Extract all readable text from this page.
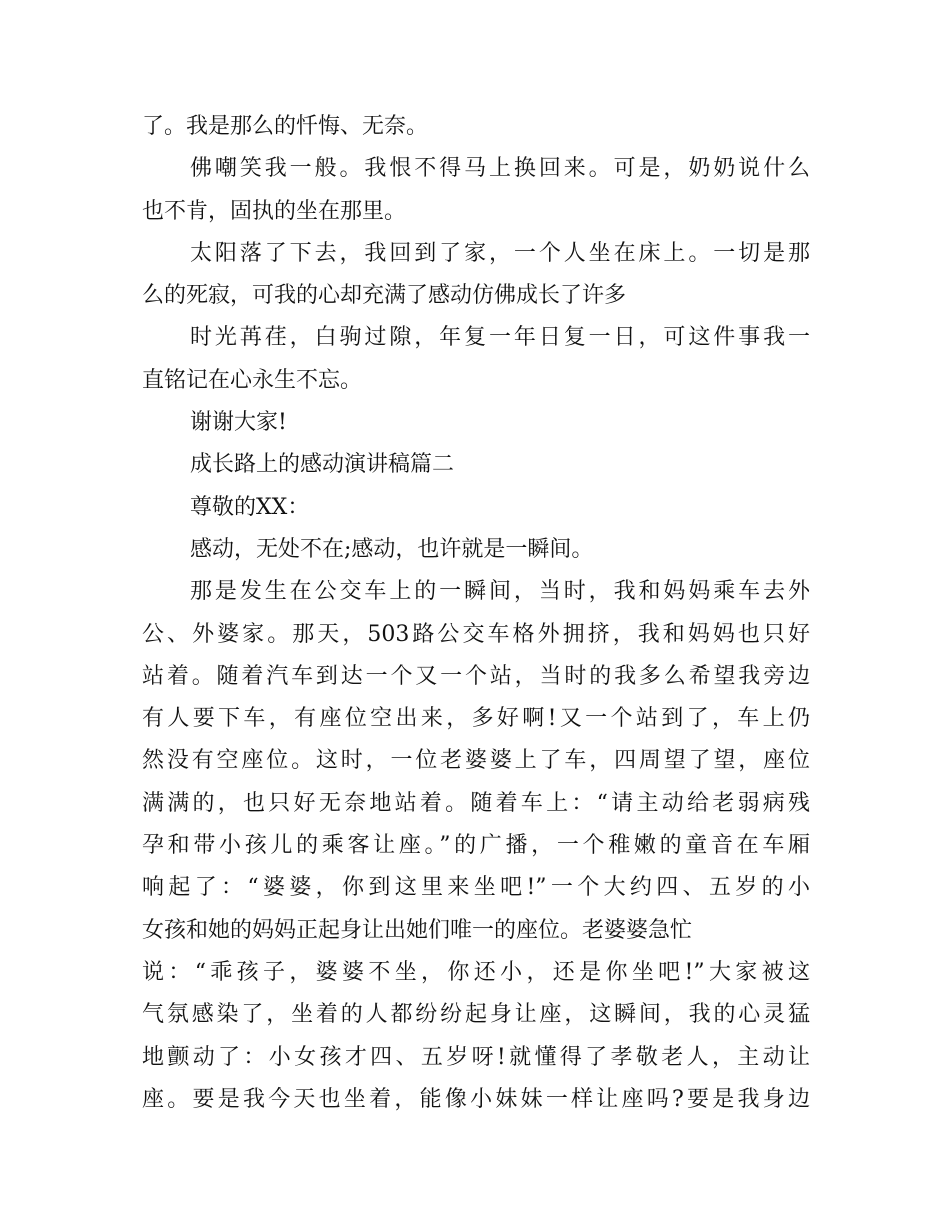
了。我是那么的忏悔、无奈。
佛嘲笑我一般。我恨不得马上换回来。可是，奶奶说什么
也不肯，固执的坐在那里。
太阳落了下去，我回到了家，一个人坐在床上。一切是那
么的死寂，可我的心却充满了感动仿佛成长了许多
时光苒荏，白驹过隙，年复一年日复一日，可这件事我一
直铭记在心永生不忘。
谢谢大家!
成长路上的感动演讲稿篇二
尊敬的XX：
感动，无处不在;感动，也许就是一瞬间。
那是发生在公交车上的一瞬间，当时，我和妈妈乘车去外
公、外婆家。那天，503路公交车格外拥挤，我和妈妈也只好
站着。随着汽车到达一个又一个站，当时的我多么希望我旁边
有人要下车，有座位空出来，多好啊!又一个站到了，车上仍
然没有空座位。这时，一位老婆婆上了车，四周望了望，座位
满满的，也只好无奈地站着。随着车上：“请主动给老弱病残
孕和带小孩儿的乘客让座。”的广播，一个稚嫩的童音在车厢
响起了：“婆婆，你到这里来坐吧!”一个大约四、五岁的小
女孩和她的妈妈正起身让出她们唯一的座位。老婆婆急忙
说：“乖孩子，婆婆不坐，你还小，还是你坐吧!”大家被这
气氛感染了，坐着的人都纷纷起身让座，这瞬间，我的心灵猛
地颤动了：小女孩才四、五岁呀!就懂得了孝敬老人，主动让
座。要是我今天也坐着，能像小妹妹一样让座吗?要是我身边
